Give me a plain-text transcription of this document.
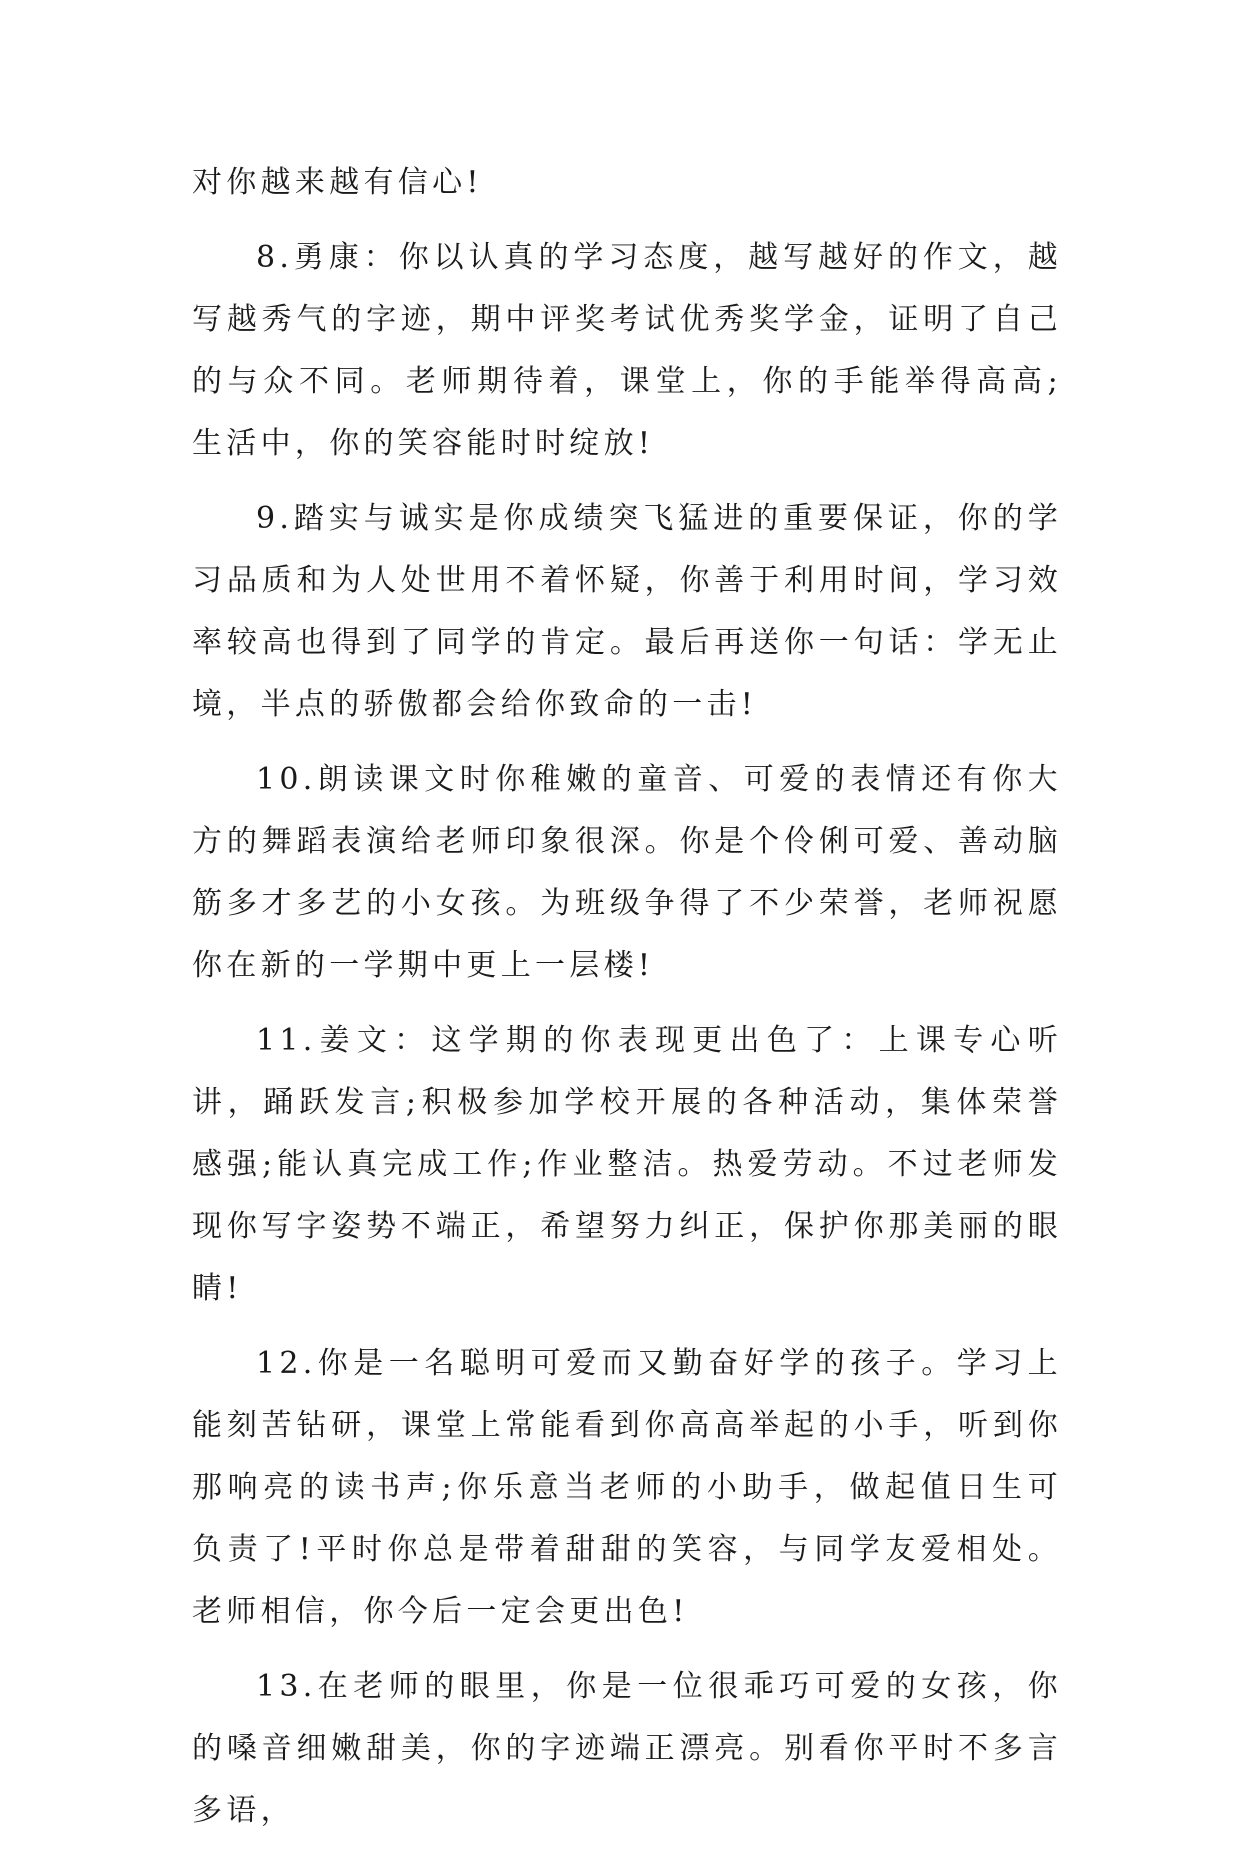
对你越来越有信心!

8.勇康：你以认真的学习态度，越写越好的作文，越写越秀气的字迹，期中评奖考试优秀奖学金，证明了自己的与众不同。老师期待着，课堂上，你的手能举得高高;生活中，你的笑容能时时绽放!

9.踏实与诚实是你成绩突飞猛进的重要保证，你的学习品质和为人处世用不着怀疑，你善于利用时间，学习效率较高也得到了同学的肯定。最后再送你一句话：学无止境，半点的骄傲都会给你致命的一击!

10.朗读课文时你稚嫩的童音、可爱的表情还有你大方的舞蹈表演给老师印象很深。你是个伶俐可爱、善动脑筋多才多艺的小女孩。为班级争得了不少荣誉，老师祝愿你在新的一学期中更上一层楼!

11.姜文：这学期的你表现更出色了：上课专心听讲，踊跃发言;积极参加学校开展的各种活动，集体荣誉感强;能认真完成工作;作业整洁。热爱劳动。不过老师发现你写字姿势不端正，希望努力纠正，保护你那美丽的眼睛!

12.你是一名聪明可爱而又勤奋好学的孩子。学习上能刻苦钻研，课堂上常能看到你高高举起的小手，听到你那响亮的读书声;你乐意当老师的小助手，做起值日生可负责了!平时你总是带着甜甜的笑容，与同学友爱相处。老师相信，你今后一定会更出色!

13.在老师的眼里，你是一位很乖巧可爱的女孩，你的嗓音细嫩甜美，你的字迹端正漂亮。别看你平时不多言多语，
